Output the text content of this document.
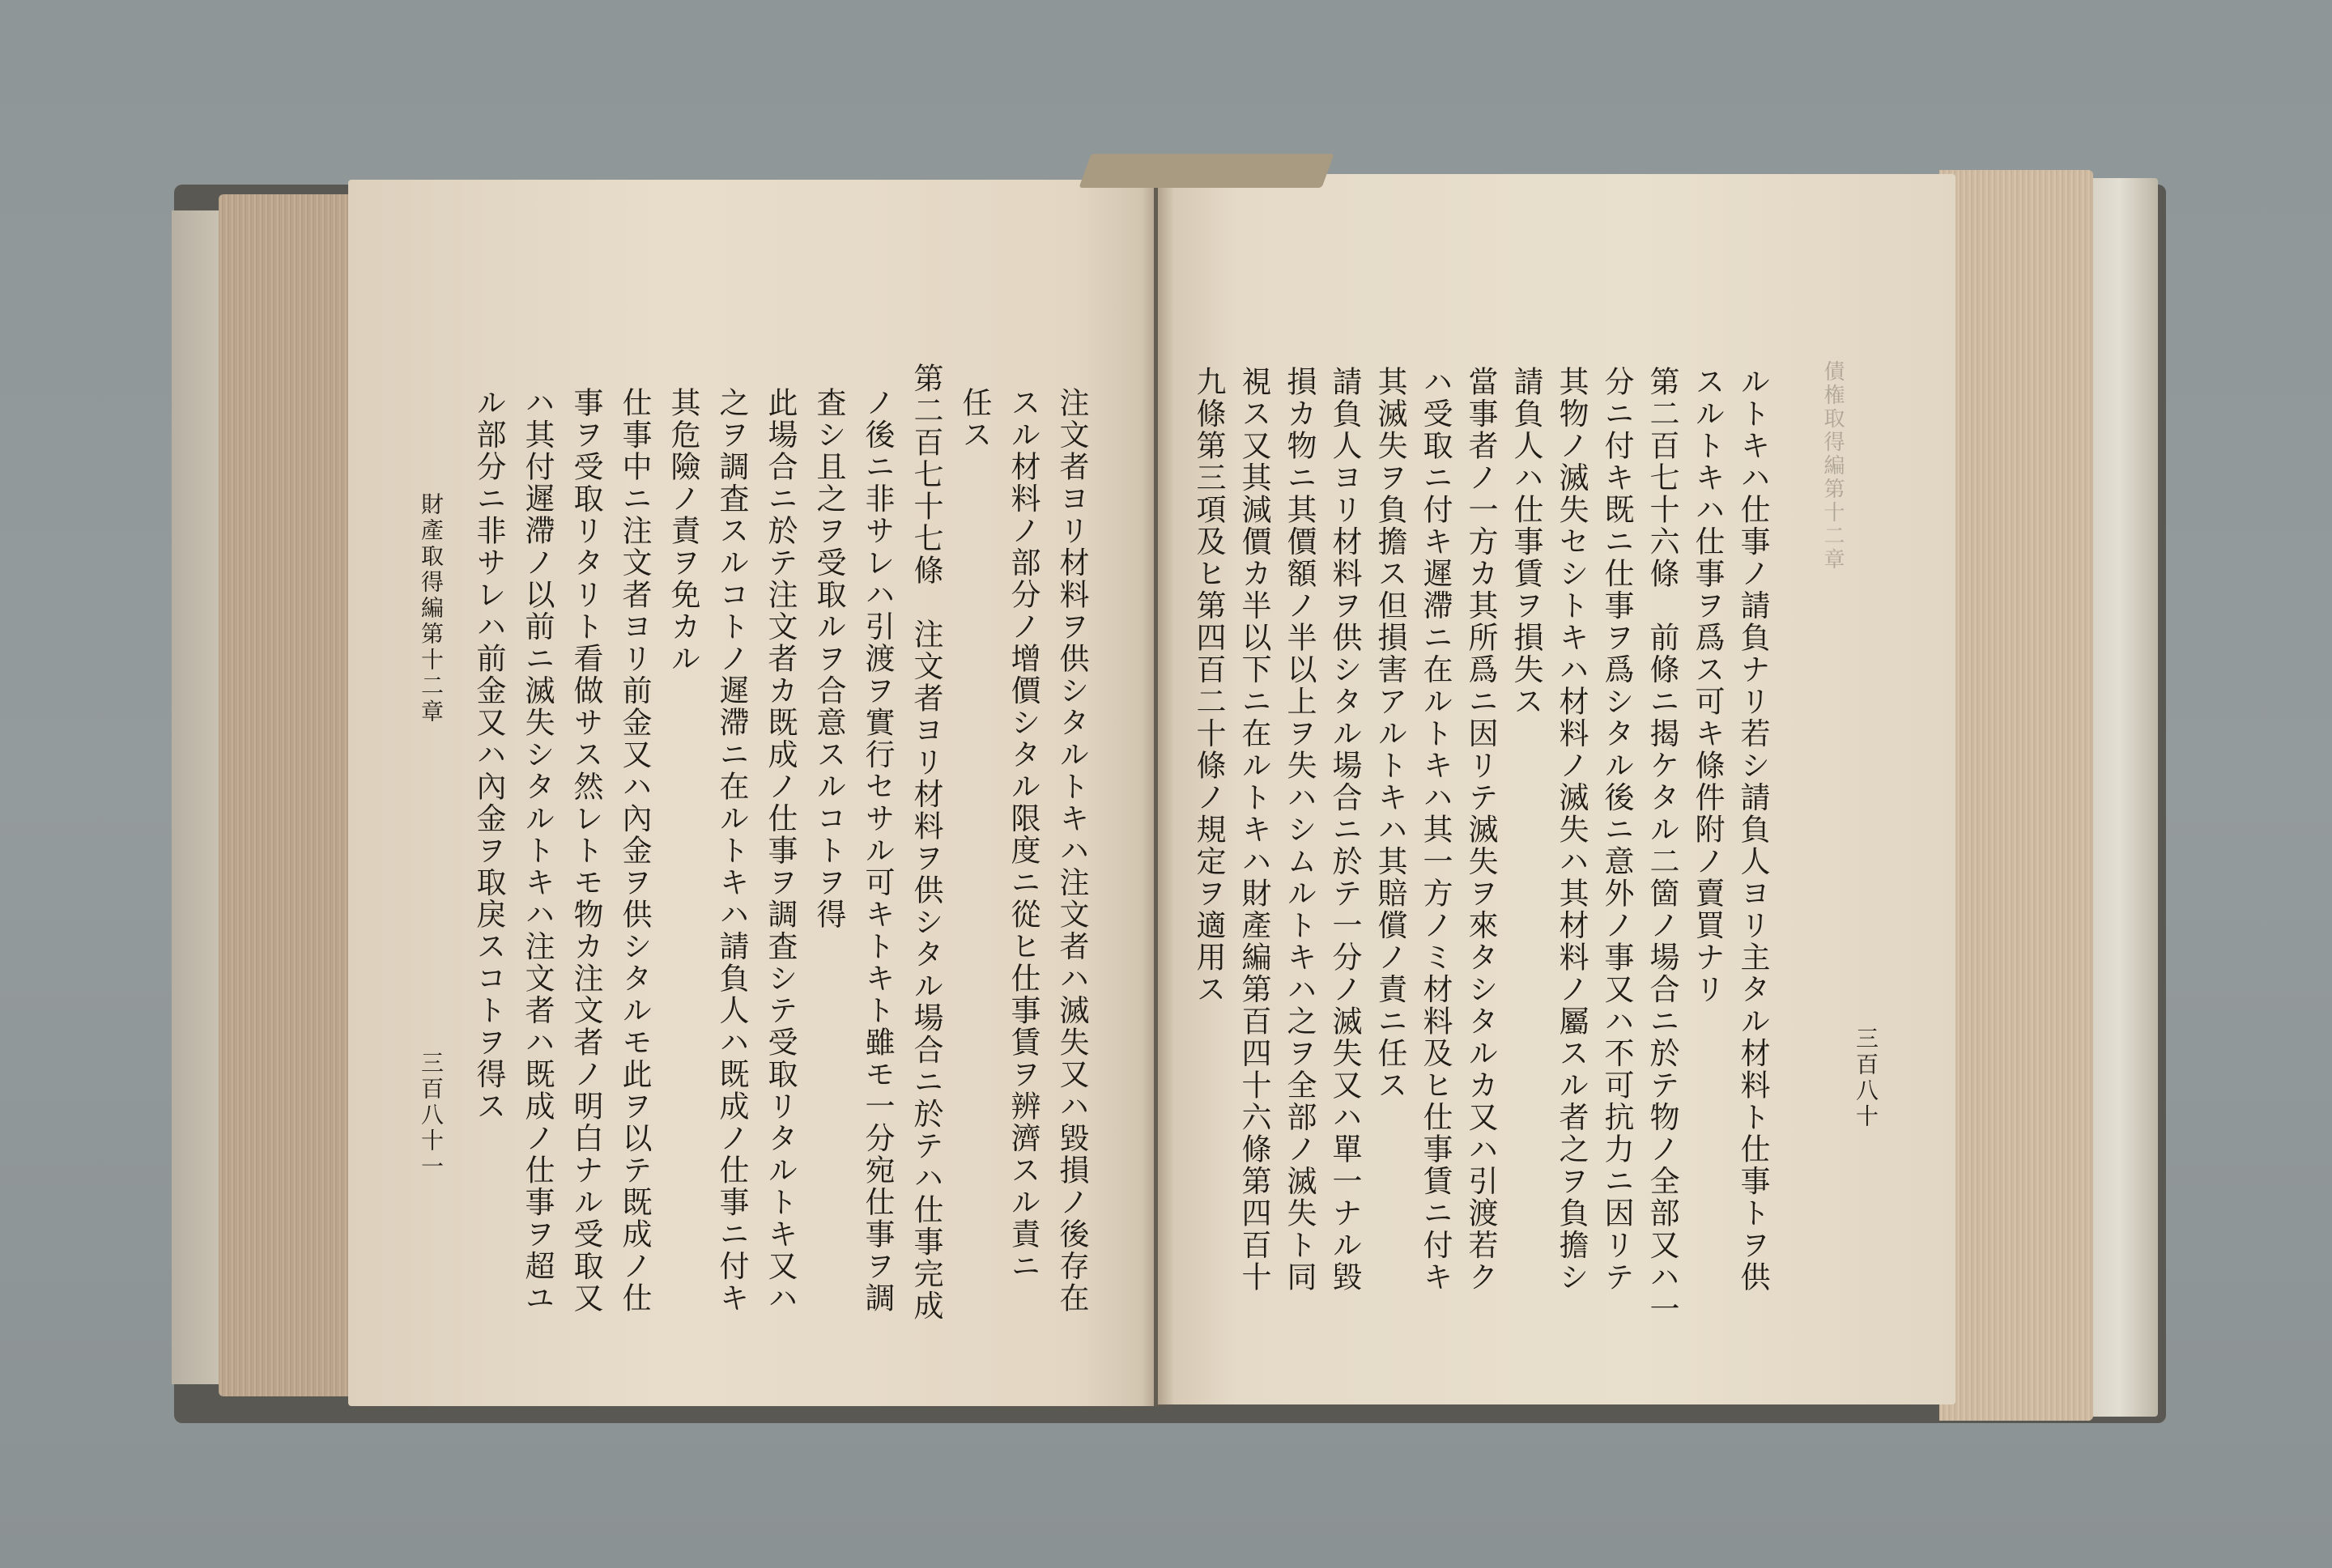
債権取得編第十二章
三百八十
ルトキハ仕事ノ請負ナリ若シ請負人ヨリ主タル材料ト仕事トヲ供
スルトキハ仕事ヲ爲ス可キ條件附ノ賣買ナリ
第二百七十六條　前條ニ揭ケタル二箇ノ場合ニ於テ物ノ全部又ハ一
分ニ付キ既ニ仕事ヲ爲シタル後ニ意外ノ事又ハ不可抗力ニ因リテ
其物ノ滅失セシトキハ材料ノ滅失ハ其材料ノ屬スル者之ヲ負擔シ
請負人ハ仕事賃ヲ損失ス
當事者ノ一方カ其所爲ニ因リテ滅失ヲ來タシタルカ又ハ引渡若ク
ハ受取ニ付キ遲滯ニ在ルトキハ其一方ノミ材料及ヒ仕事賃ニ付キ
其滅失ヲ負擔ス但損害アルトキハ其賠償ノ責ニ任ス
請負人ヨリ材料ヲ供シタル場合ニ於テ一分ノ滅失又ハ單一ナル毀
損カ物ニ其價額ノ半以上ヲ失ハシムルトキハ之ヲ全部ノ滅失ト同
視ス又其減價カ半以下ニ在ルトキハ財產編第百四十六條第四百十
注文者ヨリ材料ヲ供シタルトキハ注文者ハ滅失又ハ毀損ノ後存在
スル材料ノ部分ノ增價シタル限度ニ從ヒ仕事賃ヲ辨濟スル責ニ
任ス
第二百七十七條　注文者ヨリ材料ヲ供シタル場合ニ於テハ仕事完成
ノ後ニ非サレハ引渡ヲ實行セサル可キトキト雖モ一分宛仕事ヲ調
査シ且之ヲ受取ルヲ合意スルコトヲ得
此場合ニ於テ注文者カ既成ノ仕事ヲ調査シテ受取リタルトキ又ハ
之ヲ調査スルコトノ遲滯ニ在ルトキハ請負人ハ既成ノ仕事ニ付キ
其危險ノ責ヲ免カル
仕事中ニ注文者ヨリ前金又ハ內金ヲ供シタルモ此ヲ以テ既成ノ仕
事ヲ受取リタリト看做サス然レトモ物カ注文者ノ明白ナル受取又
ハ其付遲滯ノ以前ニ滅失シタルトキハ注文者ハ既成ノ仕事ヲ超ユ
ル部分ニ非サレハ前金又ハ內金ヲ取戾スコトヲ得ス
財產取得編第十二章
三百八十一
九條第三項及ヒ第四百二十條ノ規定ヲ適用ス
